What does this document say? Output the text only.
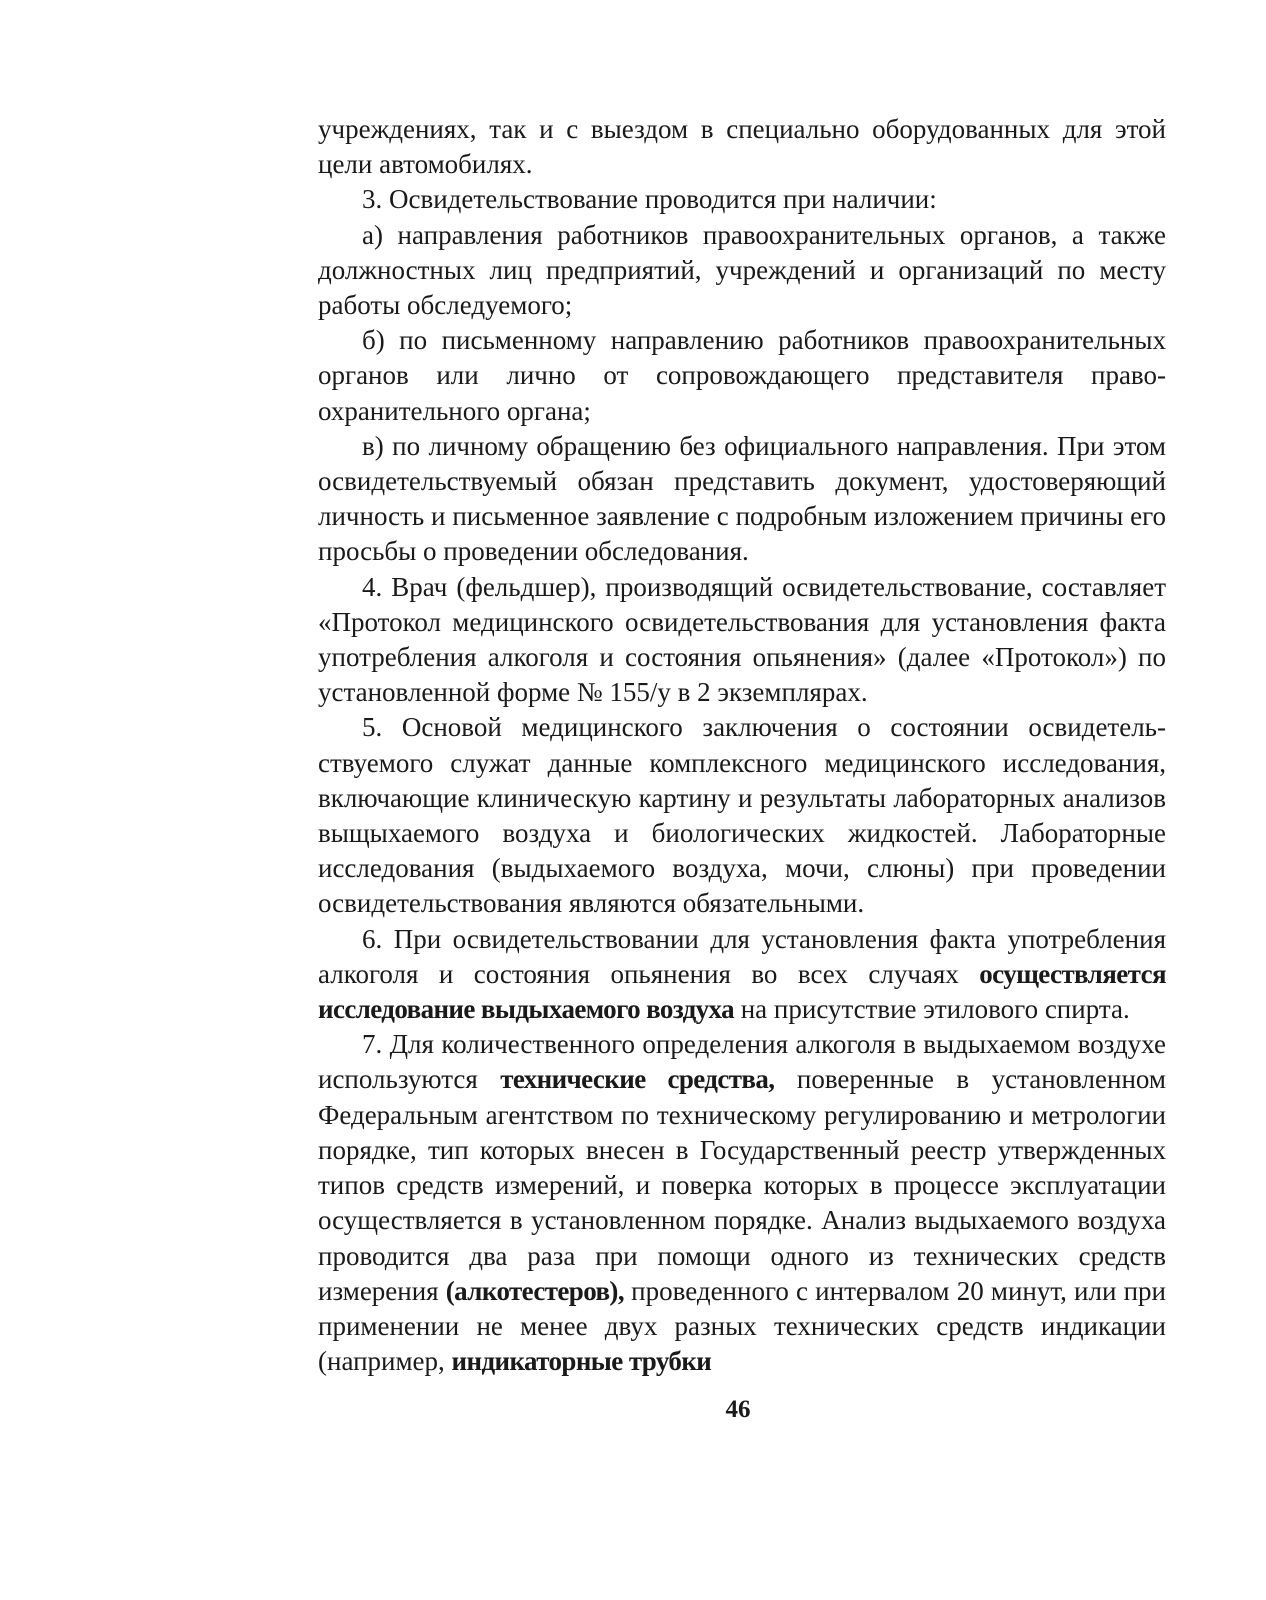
учреждениях, так и с выездом в специально оборудованных для этой цели автомобилях.

3. Освидетельствование проводится при наличии:

а) направления работников правоохранительных органов, а также должностных лиц предприятий, учреждений и организаций по месту работы обследуемого;

б) по письменному направлению работников правоохранительных органов или лично от сопровождающего представителя правоохранительного органа;

в) по личному обращению без официального направления. При этом освидетельствуемый обязан представить документ, удостоверяющий личность и письменное заявление с подробным изложением причины его просьбы о проведении обследования.

4. Врач (фельдшер), производящий освидетельствование, составляет «Протокол медицинского освидетельствования для установления факта употребления алкоголя и состояния опьянения» (далее «Протокол») по установленной форме № 155/у в 2 экземплярах.

5. Основой медицинского заключения о состоянии освидетельствуемого служат данные комплексного медицинского исследования, включающие клиническую картину и результаты лабораторных анализов выщыхаемого воздуха и биологических жидкостей. Лабораторные исследования (выдыхаемого воздуха, мочи, слюны) при проведении освидетельствования являются обязательными.

6. При освидетельствовании для установления факта употребления алкоголя и состояния опьянения во всех случаях осуществляется исследование выдыхаемого воздуха на присутствие этилового спирта.

7. Для количественного определения алкоголя в выдыхаемом воздухе используются технические средства, поверенные в установленном Федеральным агентством по техническому регулированию и метрологии порядке, тип которых внесен в Государственный реестр утвержденных типов средств измерений, и поверка которых в процессе эксплуатации осуществляется в установленном порядке. Анализ выдыхаемого воздуха проводится два раза при помощи одного из технических средств измерения (алкотестеров), проведенного с интервалом 20 минут, или при применении не менее двух разных технических средств индикации (например, индикаторные трубки

46
